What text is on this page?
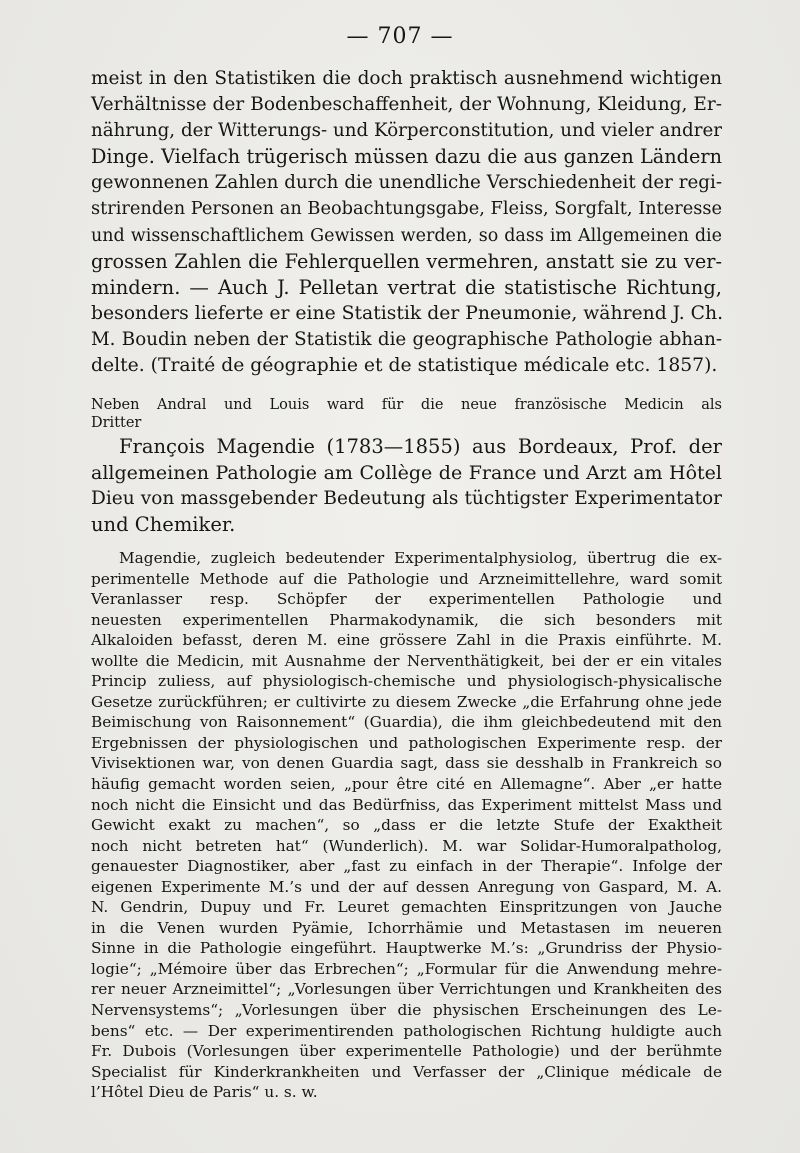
— 707 —
meist in den Statistiken die doch praktisch ausnehmend wichtigen
Verhältnisse der Bodenbeschaffenheit, der Wohnung, Kleidung, Er-
nährung, der Witterungs- und Körperconstitution, und vieler andrer
Dinge. Vielfach trügerisch müssen dazu die aus ganzen Ländern
gewonnenen Zahlen durch die unendliche Verschiedenheit der regi-
strirenden Personen an Beobachtungsgabe, Fleiss, Sorgfalt, Interesse
und wissenschaftlichem Gewissen werden, so dass im Allgemeinen die
grossen Zahlen die Fehlerquellen vermehren, anstatt sie zu ver-
mindern. — Auch J. Pelletan vertrat die statistische Richtung,
besonders lieferte er eine Statistik der Pneumonie, während J. Ch.
M. Boudin neben der Statistik die geographische Pathologie abhan-
delte. (Traité de géographie et de statistique médicale etc. 1857).
Neben Andral und Louis ward für die neue französische Medicin als
Dritter
François Magendie (1783—1855) aus Bordeaux, Prof. der
allgemeinen Pathologie am Collège de France und Arzt am Hôtel
Dieu von massgebender Bedeutung als tüchtigster Experimentator
und Chemiker.
Magendie, zugleich bedeutender Experimentalphysiolog, übertrug die ex-
perimentelle Methode auf die Pathologie und Arzneimittellehre, ward somit
Veranlasser resp. Schöpfer der experimentellen Pathologie und
neuesten experimentellen Pharmakodynamik, die sich besonders mit
Alkaloiden befasst, deren M. eine grössere Zahl in die Praxis einführte. M.
wollte die Medicin, mit Ausnahme der Nerventhätigkeit, bei der er ein vitales
Princip zuliess, auf physiologisch-chemische und physiologisch-physicalische
Gesetze zurückführen; er cultivirte zu diesem Zwecke „die Erfahrung ohne jede
Beimischung von Raisonnement“ (Guardia), die ihm gleichbedeutend mit den
Ergebnissen der physiologischen und pathologischen Experimente resp. der
Vivisektionen war, von denen Guardia sagt, dass sie desshalb in Frankreich so
häufig gemacht worden seien, „pour être cité en Allemagne“. Aber „er hatte
noch nicht die Einsicht und das Bedürfniss, das Experiment mittelst Mass und
Gewicht exakt zu machen“, so „dass er die letzte Stufe der Exaktheit
noch nicht betreten hat“ (Wunderlich). M. war Solidar-Humoralpatholog,
genauester Diagnostiker, aber „fast zu einfach in der Therapie“. Infolge der
eigenen Experimente M.’s und der auf dessen Anregung von Gaspard, M. A.
N. Gendrin, Dupuy und Fr. Leuret gemachten Einspritzungen von Jauche
in die Venen wurden Pyämie, Ichorrhämie und Metastasen im neueren
Sinne in die Pathologie eingeführt. Hauptwerke M.’s: „Grundriss der Physio-
logie“; „Mémoire über das Erbrechen“; „Formular für die Anwendung mehre-
rer neuer Arzneimittel“; „Vorlesungen über Verrichtungen und Krankheiten des
Nervensystems“; „Vorlesungen über die physischen Erscheinungen des Le-
bens“ etc. — Der experimentirenden pathologischen Richtung huldigte auch
Fr. Dubois (Vorlesungen über experimentelle Pathologie) und der berühmte
Specialist für Kinderkrankheiten und Verfasser der „Clinique médicale de
l’Hôtel Dieu de Paris“ u. s. w.
